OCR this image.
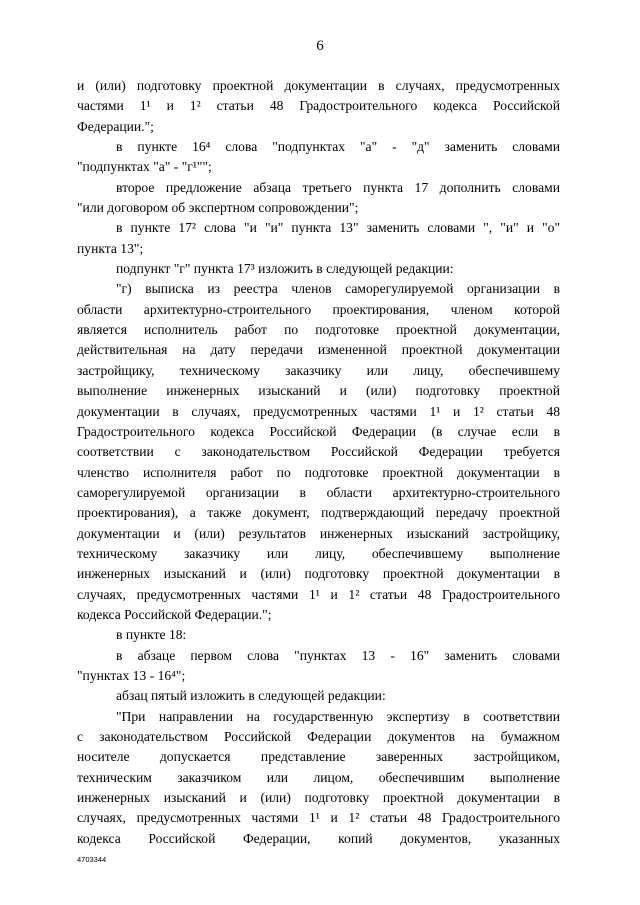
6
и (или) подготовку проектной документации в случаях, предусмотренных
частями 1¹ и 1² статьи 48 Градостроительного кодекса Российской
Федерации.";
в пункте 16⁴ слова "подпунктах "а" - "д" заменить словами
"подпунктах "а" - "г¹"";
второе предложение абзаца третьего пункта 17 дополнить словами
"или договором об экспертном сопровождении";
в пункте 17² слова "и "и" пункта 13" заменить словами ", "и" и "о"
пункта 13";
подпункт "г" пункта 17³ изложить в следующей редакции:
"г) выписка из реестра членов саморегулируемой организации в
области архитектурно-строительного проектирования, членом которой
является исполнитель работ по подготовке проектной документации,
действительная на дату передачи измененной проектной документации
застройщику, техническому заказчику или лицу, обеспечившему
выполнение инженерных изысканий и (или) подготовку проектной
документации в случаях, предусмотренных частями 1¹ и 1² статьи 48
Градостроительного кодекса Российской Федерации (в случае если в
соответствии с законодательством Российской Федерации требуется
членство исполнителя работ по подготовке проектной документации в
саморегулируемой организации в области архитектурно-строительного
проектирования), а также документ, подтверждающий передачу проектной
документации и (или) результатов инженерных изысканий застройщику,
техническому заказчику или лицу, обеспечившему выполнение
инженерных изысканий и (или) подготовку проектной документации в
случаях, предусмотренных частями 1¹ и 1² статьи 48 Градостроительного
кодекса Российской Федерации.";
в пункте 18:
в абзаце первом слова "пунктах 13 - 16" заменить словами
"пунктах 13 - 16⁴";
абзац пятый изложить в следующей редакции:
"При направлении на государственную экспертизу в соответствии
с законодательством Российской Федерации документов на бумажном
носителе допускается представление заверенных застройщиком,
техническим заказчиком или лицом, обеспечившим выполнение
инженерных изысканий и (или) подготовку проектной документации в
случаях, предусмотренных частями 1¹ и 1² статьи 48 Градостроительного
кодекса Российской Федерации, копий документов, указанных
4703344
